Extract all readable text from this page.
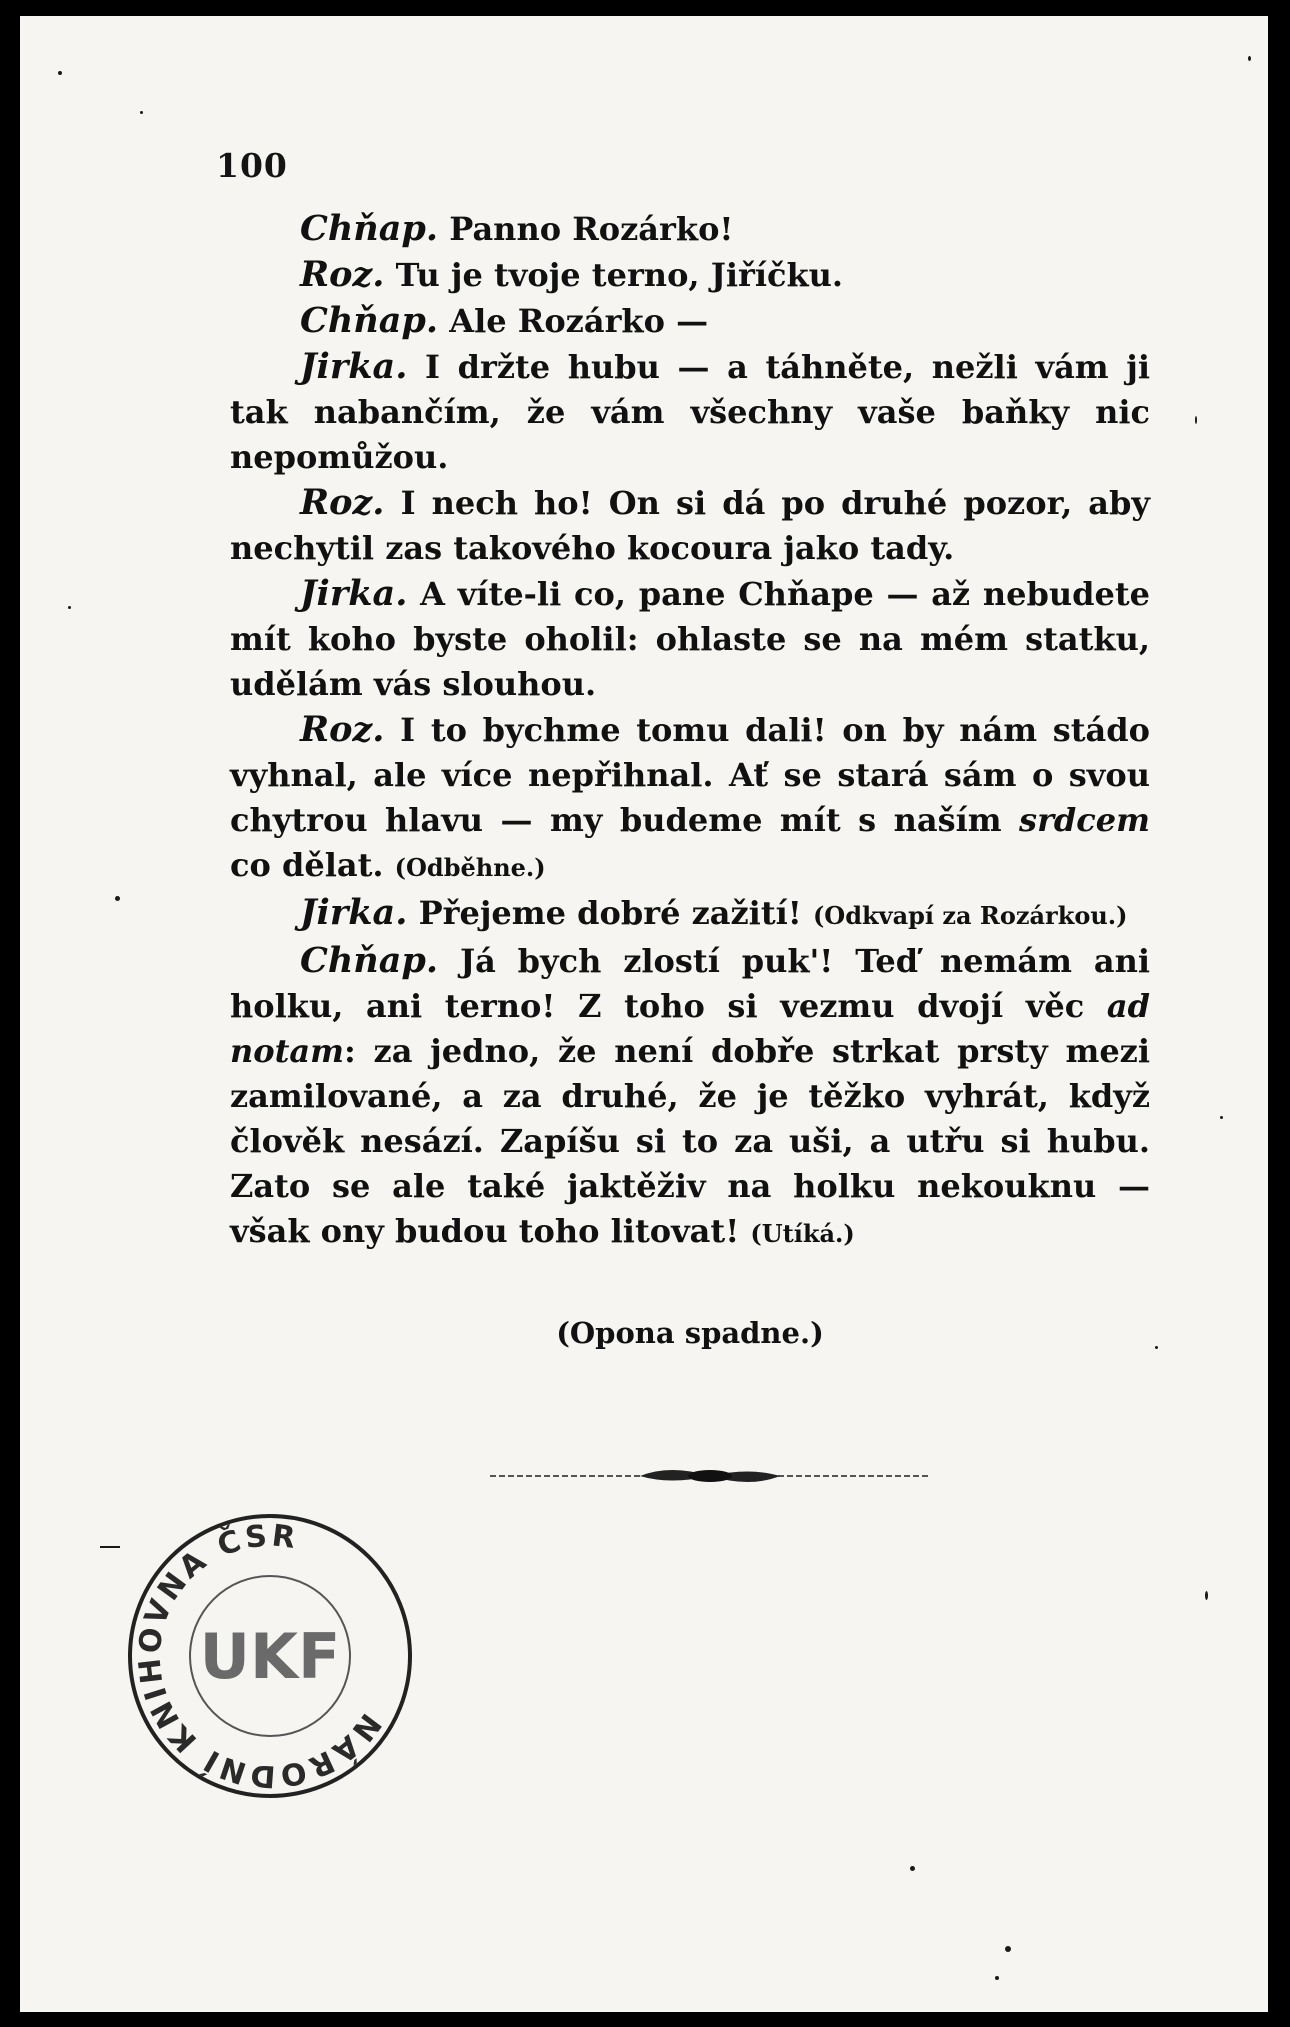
100

Chňap. Panno Rozárko!

Roz. Tu je tvoje terno, Jiříčku.

Chňap. Ale Rozárko —

Jirka. I držte hubu — a táhněte, nežli vám ji tak nabančím, že vám všechny vaše baňky nic nepomůžou.

Roz. I nech ho! On si dá po druhé pozor, aby nechytil zas takového kocoura jako tady.

Jirka. A víte-li co, pane Chňape — až nebudete mít koho byste oholil: ohlaste se na mém statku, udělám vás slouhou.

Roz. I to bychme tomu dali! on by nám stádo vyhnal, ale více nepřihnal. Ať se stará sám o svou chytrou hlavu — my budeme mít s naším srdcem co dělat. (Odběhne.)

Jirka. Přejeme dobré zažití! (Odkvapí za Rozárkou.)

Chňap. Já bych zlostí puk'! Teď nemám ani holku, ani terno! Z toho si vezmu dvojí věc ad notam: za jedno, že není dobře strkat prsty mezi zamilované, a za druhé, že je těžko vyhrát, když člověk nesází. Zapíšu si to za uši, a utřu si hubu. Zato se ale také jaktěživ na holku nekouknu — však ony budou toho litovat! (Utíká.)

(Opona spadne.)
NÁRODNÍ KNIHOVNA ČSR
UKF
